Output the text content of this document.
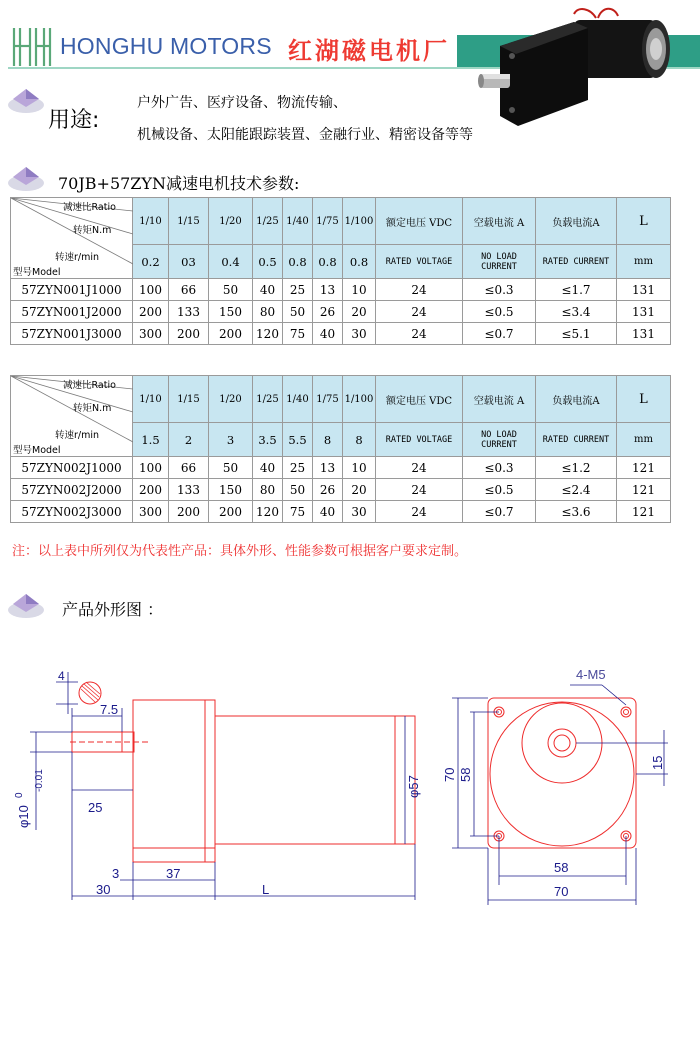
HONGHU MOTORS 红湖磁电机厂
用途:
户外广告、医疗设备、物流传输、
机械设备、太阳能跟踪装置、金融行业、精密设备等等
70JB+57ZYN减速电机技术参数:
减速比Ratio
转矩N.m
转速r/min
型号Model	1/10	1/15	1/20	1/25	1/40	1/75	1/100	额定电压 VDC	空载电流 A	负载电流A	L
	0.2	03	0.4	0.5	0.8	0.8	0.8	RATED VOLTAGE	NO LOAD CURRENT	RATED CURRENT	mm
57ZYN001J1000	100	66	50	40	25	13	10	24	≤0.3	≤1.7	131
57ZYN001J2000	200	133	150	80	50	26	20	24	≤0.5	≤3.4	131
57ZYN001J3000	300	200	200	120	75	40	30	24	≤0.7	≤5.1	131
减速比Ratio
转矩N.m
转速r/min
型号Model	1/10	1/15	1/20	1/25	1/40	1/75	1/100	额定电压 VDC	空载电流 A	负载电流A	L
	1.5	2	3	3.5	5.5	8	8	RATED VOLTAGE	NO LOAD CURRENT	RATED CURRENT	mm
57ZYN002J1000	100	66	50	40	25	13	10	24	≤0.3	≤1.2	121
57ZYN002J2000	200	133	150	80	50	26	20	24	≤0.5	≤2.4	121
57ZYN002J3000	300	200	200	120	75	40	30	24	≤0.7	≤3.6	121
注：以上表中所列仅为代表性产品：具体外形、性能参数可根据客户要求定制。
产品外形图 ：
4
7.5
φ10
0
-0.01
25
φ57
3	37
30	L
4-M5
70 58
15
58
70
